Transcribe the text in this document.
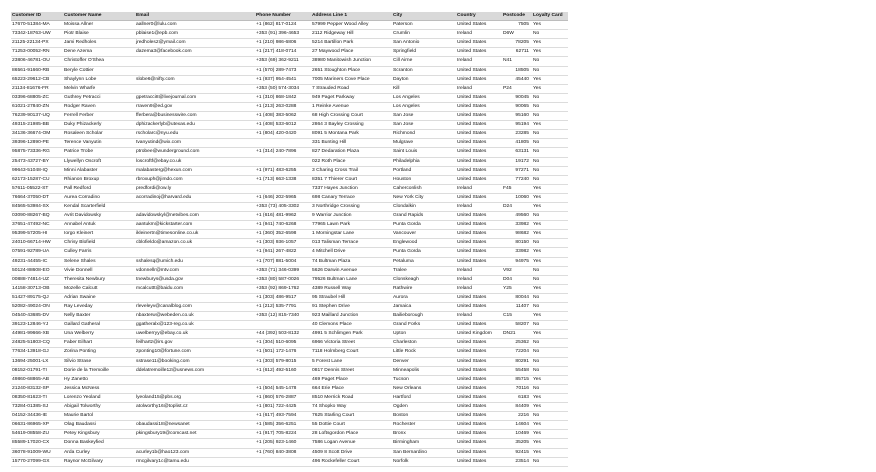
Customer ID	Customer Name	Email	Phone Number	Address Line 1	City	Country	Postcode	Loyalty Card
17670-51384-MA	Moissa Allner	aallner0@lulu.com	+1 (862) 817-0124	57999 Pepper Wood Alley	Paterson	United States	7505	Yes
73342-18763-UW	Piotr Blaise	pblaise1@epb.com	+353 (91) 396-4653	2112 Ridgeway Hill	Crumlin	Ireland	D6W	No
21125-22134-PX	Jami Redholes	jredholes2@ymail.com	+1 (210) 986-6806	5214 Bartillon Park	San Antonio	United States	78205	Yes
71253-00052-RN	Dene Azema	dazema3@facebook.com	+1 (217) 418-0714	27 Maywood Place	Springfield	United States	62711	Yes
23806-46781-OU	Christoffer O'Shea		+353 (69) 362-9211	38980 Manitowish Junction	Cill Airne	Ireland	N41	No
86561-91660-RB	Beryle Cottier		+1 (570) 289-7473	2651 Stoughton Place	Scranton	United States	18505	No
65223-29612-CB	Shaylynn Lobe	slobe6@nifty.com	+1 (937) 954-4541	7005 Mariners Cove Place	Dayton	United States	45440	Yes
21134-81676-FR	Melvin Wharfe		+353 (50) 574-3034	7 Strauded Road	Kill	Ireland	P24	Yes
03396-68805-ZC	Guthrey Petracci	gpetracci8@livejournal.com	+1 (310) 868-1842	949 Paget Parkway	Los Angeles	United States	90045	No
61021-27840-ZN	Rodger Raven	rraven9@ed.gov	+1 (213) 263-0288	1 Reinke Avenue	Los Angeles	United States	90065	No
76239-90137-UQ	Ferrell Ferber	fferbera@businesswire.com	+1 (408) 383-5062	68 High Crossing Court	San Jose	United States	95160	No
49315-21985-BB	Duky Phizackerly	dphizackerlyb@utexas.edu	+1 (408) 533-6012	2864 3 Bayley Crossing	San Jose	United States	95194	Yes
34136-36674-OM	Rosaleen Scholar	rscholarc@nyu.edu	+1 (804) 420-0420	8091 5 Montana Park	Richmond	United States	23285	No
39396-12890-PE	Terence Vanyutin	tvanyutind@wix.com		331 Bunting Hill	Mulgrave	United States	41805	No
95875-73336-RG	Patrice Trobe	ptrobee@wunderground.com	+1 (314) 240-7896	827 Dedaration Plaza	Saint Louis	United States	63131	No
25473-43727-BY	Llywellyn Oscroft	loscroftf@ebay.co.uk		022 Roth Place	Philadelphia	United States	19172	No
99643-51048-IQ	Minni Alabaster	malabasterg@hexun.com	+1 (971) 483-6255	3 Charing Cross Trail	Portland	United States	97271	No
62173-15287-CU	Rhianon Broxup	rbroxuph@jimdo.com	+1 (713) 663-1338	8351 7 Thierer Court	Houston	United States	77240	No
57611-05522-ST	Pall Redford	predfordi@ow.ly		7337 Hayes Junction	Caherconlish	Ireland	F45	Yes
76664-37050-DT	Aurea Corradino	acorradinoj@harvard.edu	+1 (646) 202-5965	698 Canary Terrace	New York City	United States	10060	Yes
84565-53984-SX	Kendal Scarterfield		+353 (73) 405-3302	3 Northridge Crossing	Clondalkin	Ireland	D24	Yes
03090-88267-BQ	Avrit Davidowsky	adavidowskyl@netvibes.com	+1 (616) 481-9962	9 Warrior Junction	Grand Rapids	United States	49560	No
37651-47492-NC	Annabel Antuk	aantukm@kickstarter.com	+1 (941) 740-6268	77965 Lawn Park	Punta Gorda	United States	33982	Yes
95399-57205-HI	Iorgo Kleinert	ikleinertn@timesonline.co.uk	+1 (360) 352-6598	1 Morningstar Lane	Vancouver	United States	98682	Yes
24010-66714-HW	Chrisy Blofield	cblofieldo@amazon.co.uk	+1 (303) 936-1057	013 Talisman Terrace	Englewood	United States	80150	No
07591-92789-UA	Culley Farris		+1 (941) 267-4822	4 Mitchell Drive	Punta Gorda	United States	33982	Yes
49231-44455-IC	Selene Shales	sshalesq@umich.edu	+1 (707) 881-5004	74 Bultman Plaza	Petaluma	United States	94975	Yes
50124-88608-EO	Vivie Donnell	vdonnellr@mtv.com	+353 (71) 346-0399	5626 Darwin Avenue	Tralee	Ireland	V92	No
00888-74814-UZ	Theresita Newbury	tnewburys@usda.gov	+353 (80) 587-0026	79526 Bultman Lane	Clonskeagh	Ireland	D04	No
14158-30713-OB	Mozelle Calcutt	mcalcuttt@baidu.com	+353 (92) 869-1762	4389 Russell Way	Rathwire	Ireland	Y25	Yes
51427-89175-QJ	Adrian Swaine		+1 (303) 486-9517	95 Straubel Hill	Aurora	United States	80044	No
52082-49024-ON	Ray Leveday	rleveleyv@canalblog.com	+1 (212) 535-7791	91 Stephen Drive	Jamaica	United States	11407	No
04540-43685-DV	Nelly Baxter	nbaxterw@webeden.co.uk	+353 (12) 815-7340	923 Maillard Junction	Bailieborough	Ireland	C15	Yes
39123-12846-YJ	Gallard Gatheral	ggatheralx@123-reg.co.uk		40 Clemons Place	Grand Forks	United States	58207	No
44981-99666-XB	Una Welberry	uwelberryy@ebay.co.uk	+44 (392) 503-8132	4991 5 Schlimgen Park	Upton	United Kingdom	DN21	Yes
24825-51803-CQ	Faber Eilhart	feilhartz@irs.gov	+1 (304) 510-6095	6966 Victoria Street	Charleston	United States	25362	No
77634-13918-GJ	Zorina Ponting	zponting10@fortune.com	+1 (501) 172-1476	7118 Holmberg Court	Little Rock	United States	72204	No
13694-25001-LX	Silvio Strase	sstrase11@booking.com	+1 (303) 579-8015	5 Forest Lane	Denver	United States	80291	No
08152-01791-TI	Dorie de la Tremoille	ddelatremoille12@usnews.com	+1 (612) 492-5160	0817 Dennis Street	Minneapolis	United States	55458	No
49860-68865-AB	Hy Zanetto			469 Paget Place	Tucson	United States	85715	Yes
21240-83132-SP	Jessica McNess		+1 (504) 545-1478	664 Erie Place	New Orleans	United States	70116	No
08350-81623-TI	Lorenzo Yeoland	lyeoland15@pbs.org	+1 (860) 576-2887	8510 Merrick Road	Hartford	United States	6183	Yes
73284-01385-SJ	Abigail Tolworthy	atolworthy16@toplist.cz	+1 (801) 722-4425	74 Shopko Way	Ogden	United States	84409	Yes
04152-34436-IE	Maurie Bartol		+1 (617) 493-7594	7625 Starling Court	Boston	United States	2216	No
06631-86965-XP	Olag Baudassi	obaudassi18@newsanet	+1 (585) 356-6251	55 Dottie Court	Rochester	United States	14604	Yes
54619-08558-ZU	Petey Kingsbury	pkingsbury19@comcast.net	+1 (917) 705-8224	28 Loftsgordon Place	Bronx	United States	10469	Yes
85589-17020-CX	Donna Baskeyfied		+1 (205) 923-1460	7586 Logan Avenue	Birmingham	United States	35205	Yes
36078-91009-WU	Arda Curley	acurley1b@hao123.com	+1 (760) 840-3808	4509 8 Scott Drive	San Bernardino	United States	92415	Yes
15770-27099-GX	Raynor McGilvary	rmcgilvary1c@tamu.edu		496 Rockefeller Court	Norfolk	United States	23514	No
